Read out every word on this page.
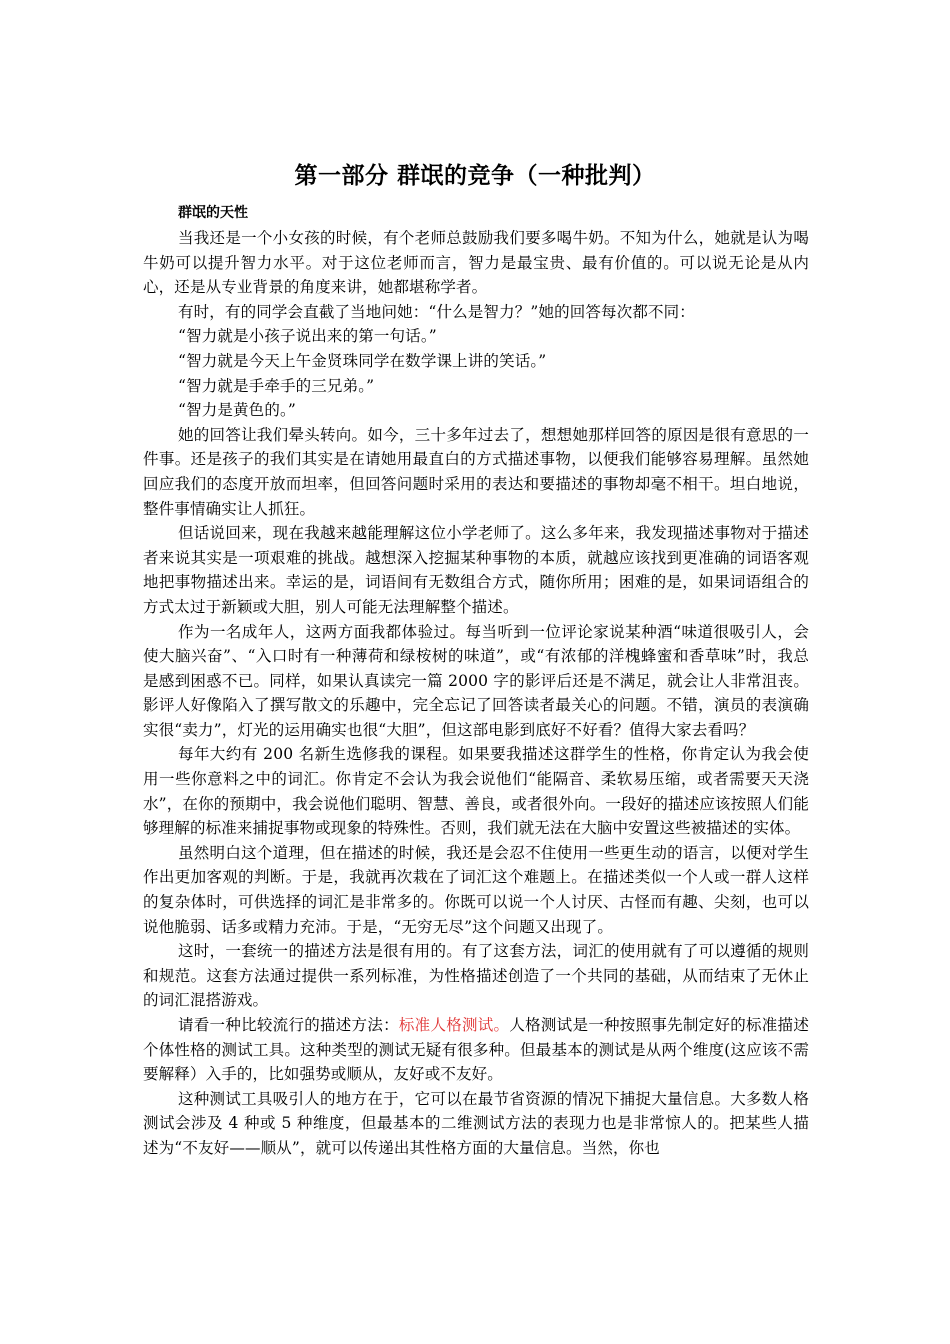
第一部分 群氓的竞争（一种批判）

群氓的天性

当我还是一个小女孩的时候，有个老师总鼓励我们要多喝牛奶。不知为什么，她就是认为喝牛奶可以提升智力水平。对于这位老师而言，智力是最宝贵、最有价值的。可以说无论是从内心，还是从专业背景的角度来讲，她都堪称学者。

有时，有的同学会直截了当地问她：“什么是智力？”她的回答每次都不同：

“智力就是小孩子说出来的第一句话。”

“智力就是今天上午金贤珠同学在数学课上讲的笑话。”

“智力就是手牵手的三兄弟。”

“智力是黄色的。”

她的回答让我们晕头转向。如今，三十多年过去了，想想她那样回答的原因是很有意思的一件事。还是孩子的我们其实是在请她用最直白的方式描述事物，以便我们能够容易理解。虽然她回应我们的态度开放而坦率，但回答问题时采用的表达和要描述的事物却毫不相干。坦白地说，整件事情确实让人抓狂。

但话说回来，现在我越来越能理解这位小学老师了。这么多年来，我发现描述事物对于描述者来说其实是一项艰难的挑战。越想深入挖掘某种事物的本质，就越应该找到更准确的词语客观地把事物描述出来。幸运的是，词语间有无数组合方式，随你所用；困难的是，如果词语组合的方式太过于新颖或大胆，别人可能无法理解整个描述。

作为一名成年人，这两方面我都体验过。每当听到一位评论家说某种酒“味道很吸引人，会使大脑兴奋”、“入口时有一种薄荷和绿桉树的味道”，或“有浓郁的洋槐蜂蜜和香草味”时，我总是感到困惑不已。同样，如果认真读完一篇 2000 字的影评后还是不满足，就会让人非常沮丧。影评人好像陷入了撰写散文的乐趣中，完全忘记了回答读者最关心的问题。不错，演员的表演确实很“卖力”，灯光的运用确实也很“大胆”，但这部电影到底好不好看？值得大家去看吗？

每年大约有 200 名新生选修我的课程。如果要我描述这群学生的性格，你肯定认为我会使用一些你意料之中的词汇。你肯定不会认为我会说他们“能隔音、柔软易压缩，或者需要天天浇水”，在你的预期中，我会说他们聪明、智慧、善良，或者很外向。一段好的描述应该按照人们能够理解的标准来捕捉事物或现象的特殊性。否则，我们就无法在大脑中安置这些被描述的实体。

虽然明白这个道理，但在描述的时候，我还是会忍不住使用一些更生动的语言，以便对学生作出更加客观的判断。于是，我就再次栽在了词汇这个难题上。在描述类似一个人或一群人这样的复杂体时，可供选择的词汇是非常多的。你既可以说一个人讨厌、古怪而有趣、尖刻，也可以说他脆弱、话多或精力充沛。于是，“无穷无尽”这个问题又出现了。

这时，一套统一的描述方法是很有用的。有了这套方法，词汇的使用就有了可以遵循的规则和规范。这套方法通过提供一系列标准，为性格描述创造了一个共同的基础，从而结束了无休止的词汇混搭游戏。

请看一种比较流行的描述方法：标准人格测试。人格测试是一种按照事先制定好的标准描述个体性格的测试工具。这种类型的测试无疑有很多种。但最基本的测试是从两个维度(这应该不需要解释）入手的，比如强势或顺从，友好或不友好。

这种测试工具吸引人的地方在于，它可以在最节省资源的情况下捕捉大量信息。大多数人格测试会涉及 4 种或 5 种维度，但最基本的二维测试方法的表现力也是非常惊人的。把某些人描述为“不友好——顺从”，就可以传递出其性格方面的大量信息。当然，你也
